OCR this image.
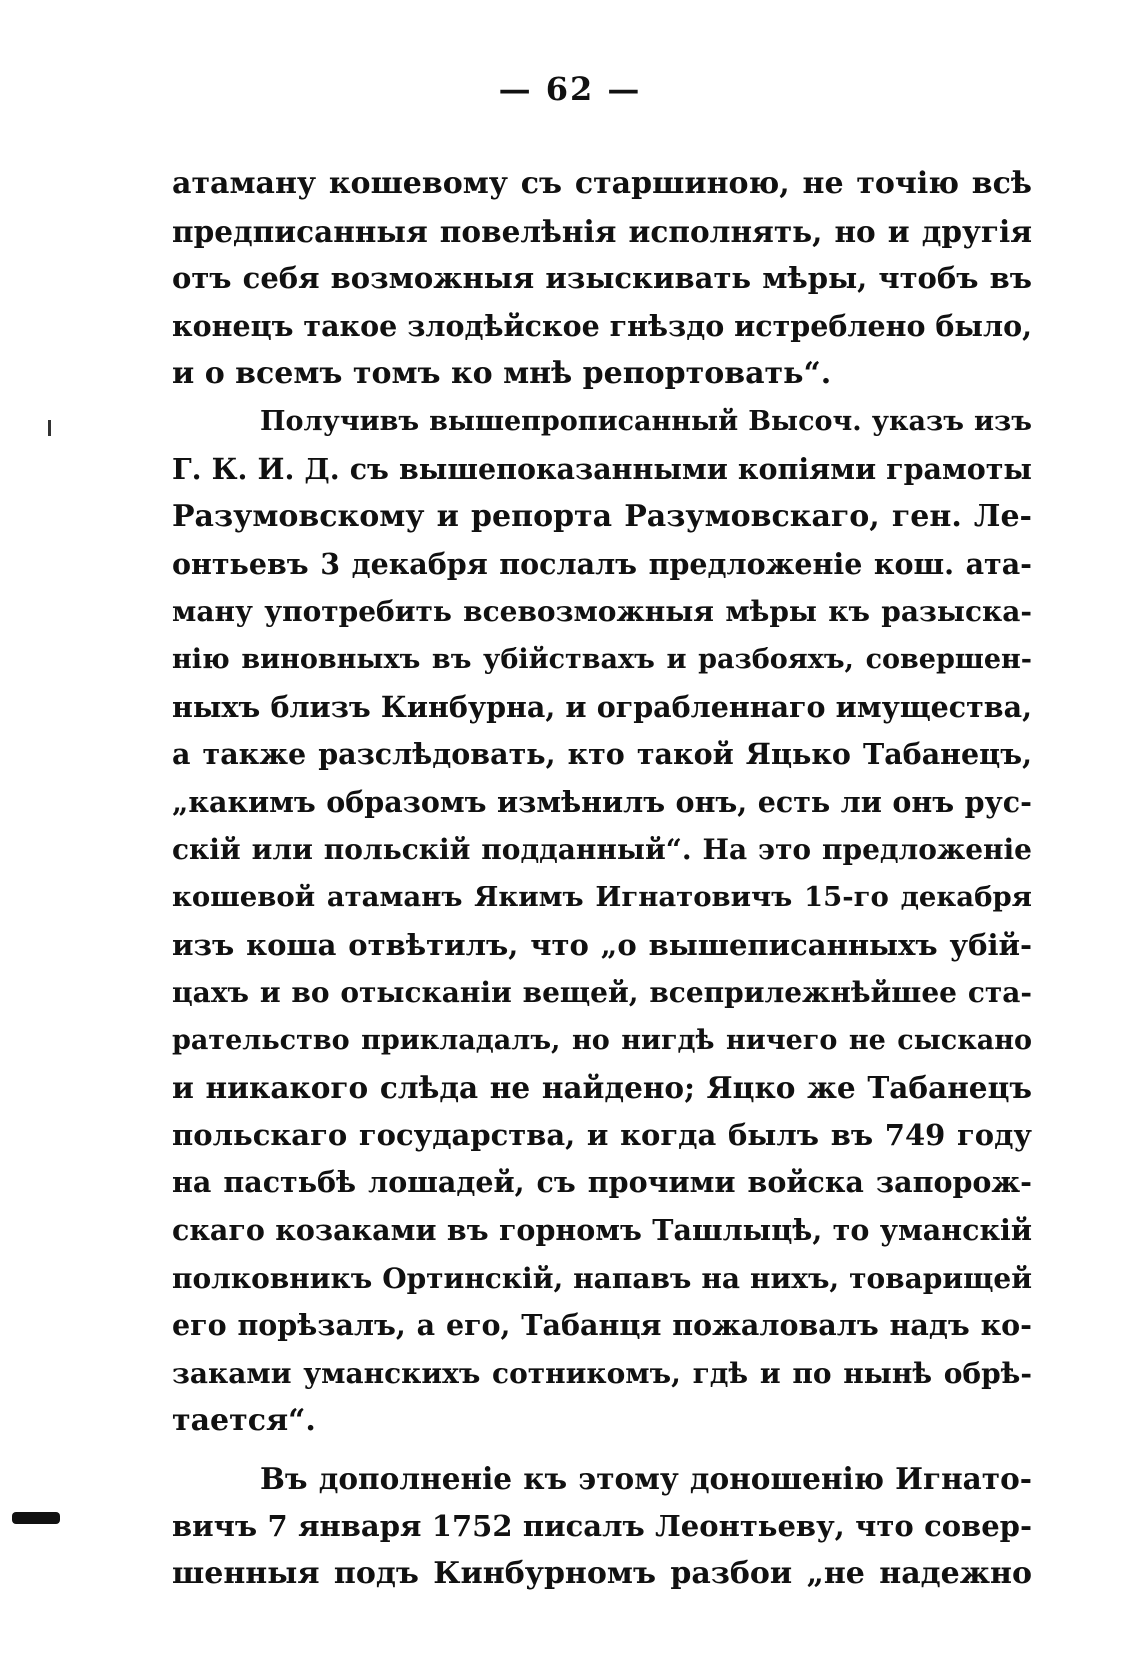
— 62 —
атаману кошевому съ старшиною, не точію всѣ
предписанныя повелѣнія исполнять, но и другія
отъ себя возможныя изыскивать мѣры, чтобъ въ
конецъ такое злодѣйское гнѣздо истреблено было,
и о всемъ томъ ко мнѣ репортовать“.
Получивъ вышепрописанный Высоч. указъ изъ
Г. К. И. Д. съ вышепоказанными копіями грамоты
Разумовскому и репорта Разумовскаго, ген. Ле-
онтьевъ 3 декабря послалъ предложеніе кош. ата-
ману употребить всевозможныя мѣры къ разыска-
нію виновныхъ въ убійствахъ и разбояхъ, совершен-
ныхъ близъ Кинбурна, и ограбленнаго имущества,
а также разслѣдовать, кто такой Яцько Табанецъ,
„какимъ образомъ измѣнилъ онъ, есть ли онъ рус-
скій или польскій подданный“. На это предложеніе
кошевой атаманъ Якимъ Игнатовичъ 15-го декабря
изъ коша отвѣтилъ, что „о вышеписанныхъ убій-
цахъ и во отысканіи вещей, всеприлежнѣйшее ста-
рательство прикладалъ, но нигдѣ ничего не сыскано
и никакого слѣда не найдено; Яцко же Табанецъ
польскаго государства, и когда былъ въ 749 году
на пастьбѣ лошадей, съ прочими войска запорож-
скаго козаками въ горномъ Ташлыцѣ, то уманскій
полковникъ Ортинскій, напавъ на нихъ, товарищей
его порѣзалъ, а его, Табанця пожаловалъ надъ ко-
заками уманскихъ сотникомъ, гдѣ и по нынѣ обрѣ-
тается“.
Въ дополненіе къ этому доношенію Игнато-
вичъ 7 января 1752 писалъ Леонтьеву, что совер-
шенныя подъ Кинбурномъ разбои „не надежно
